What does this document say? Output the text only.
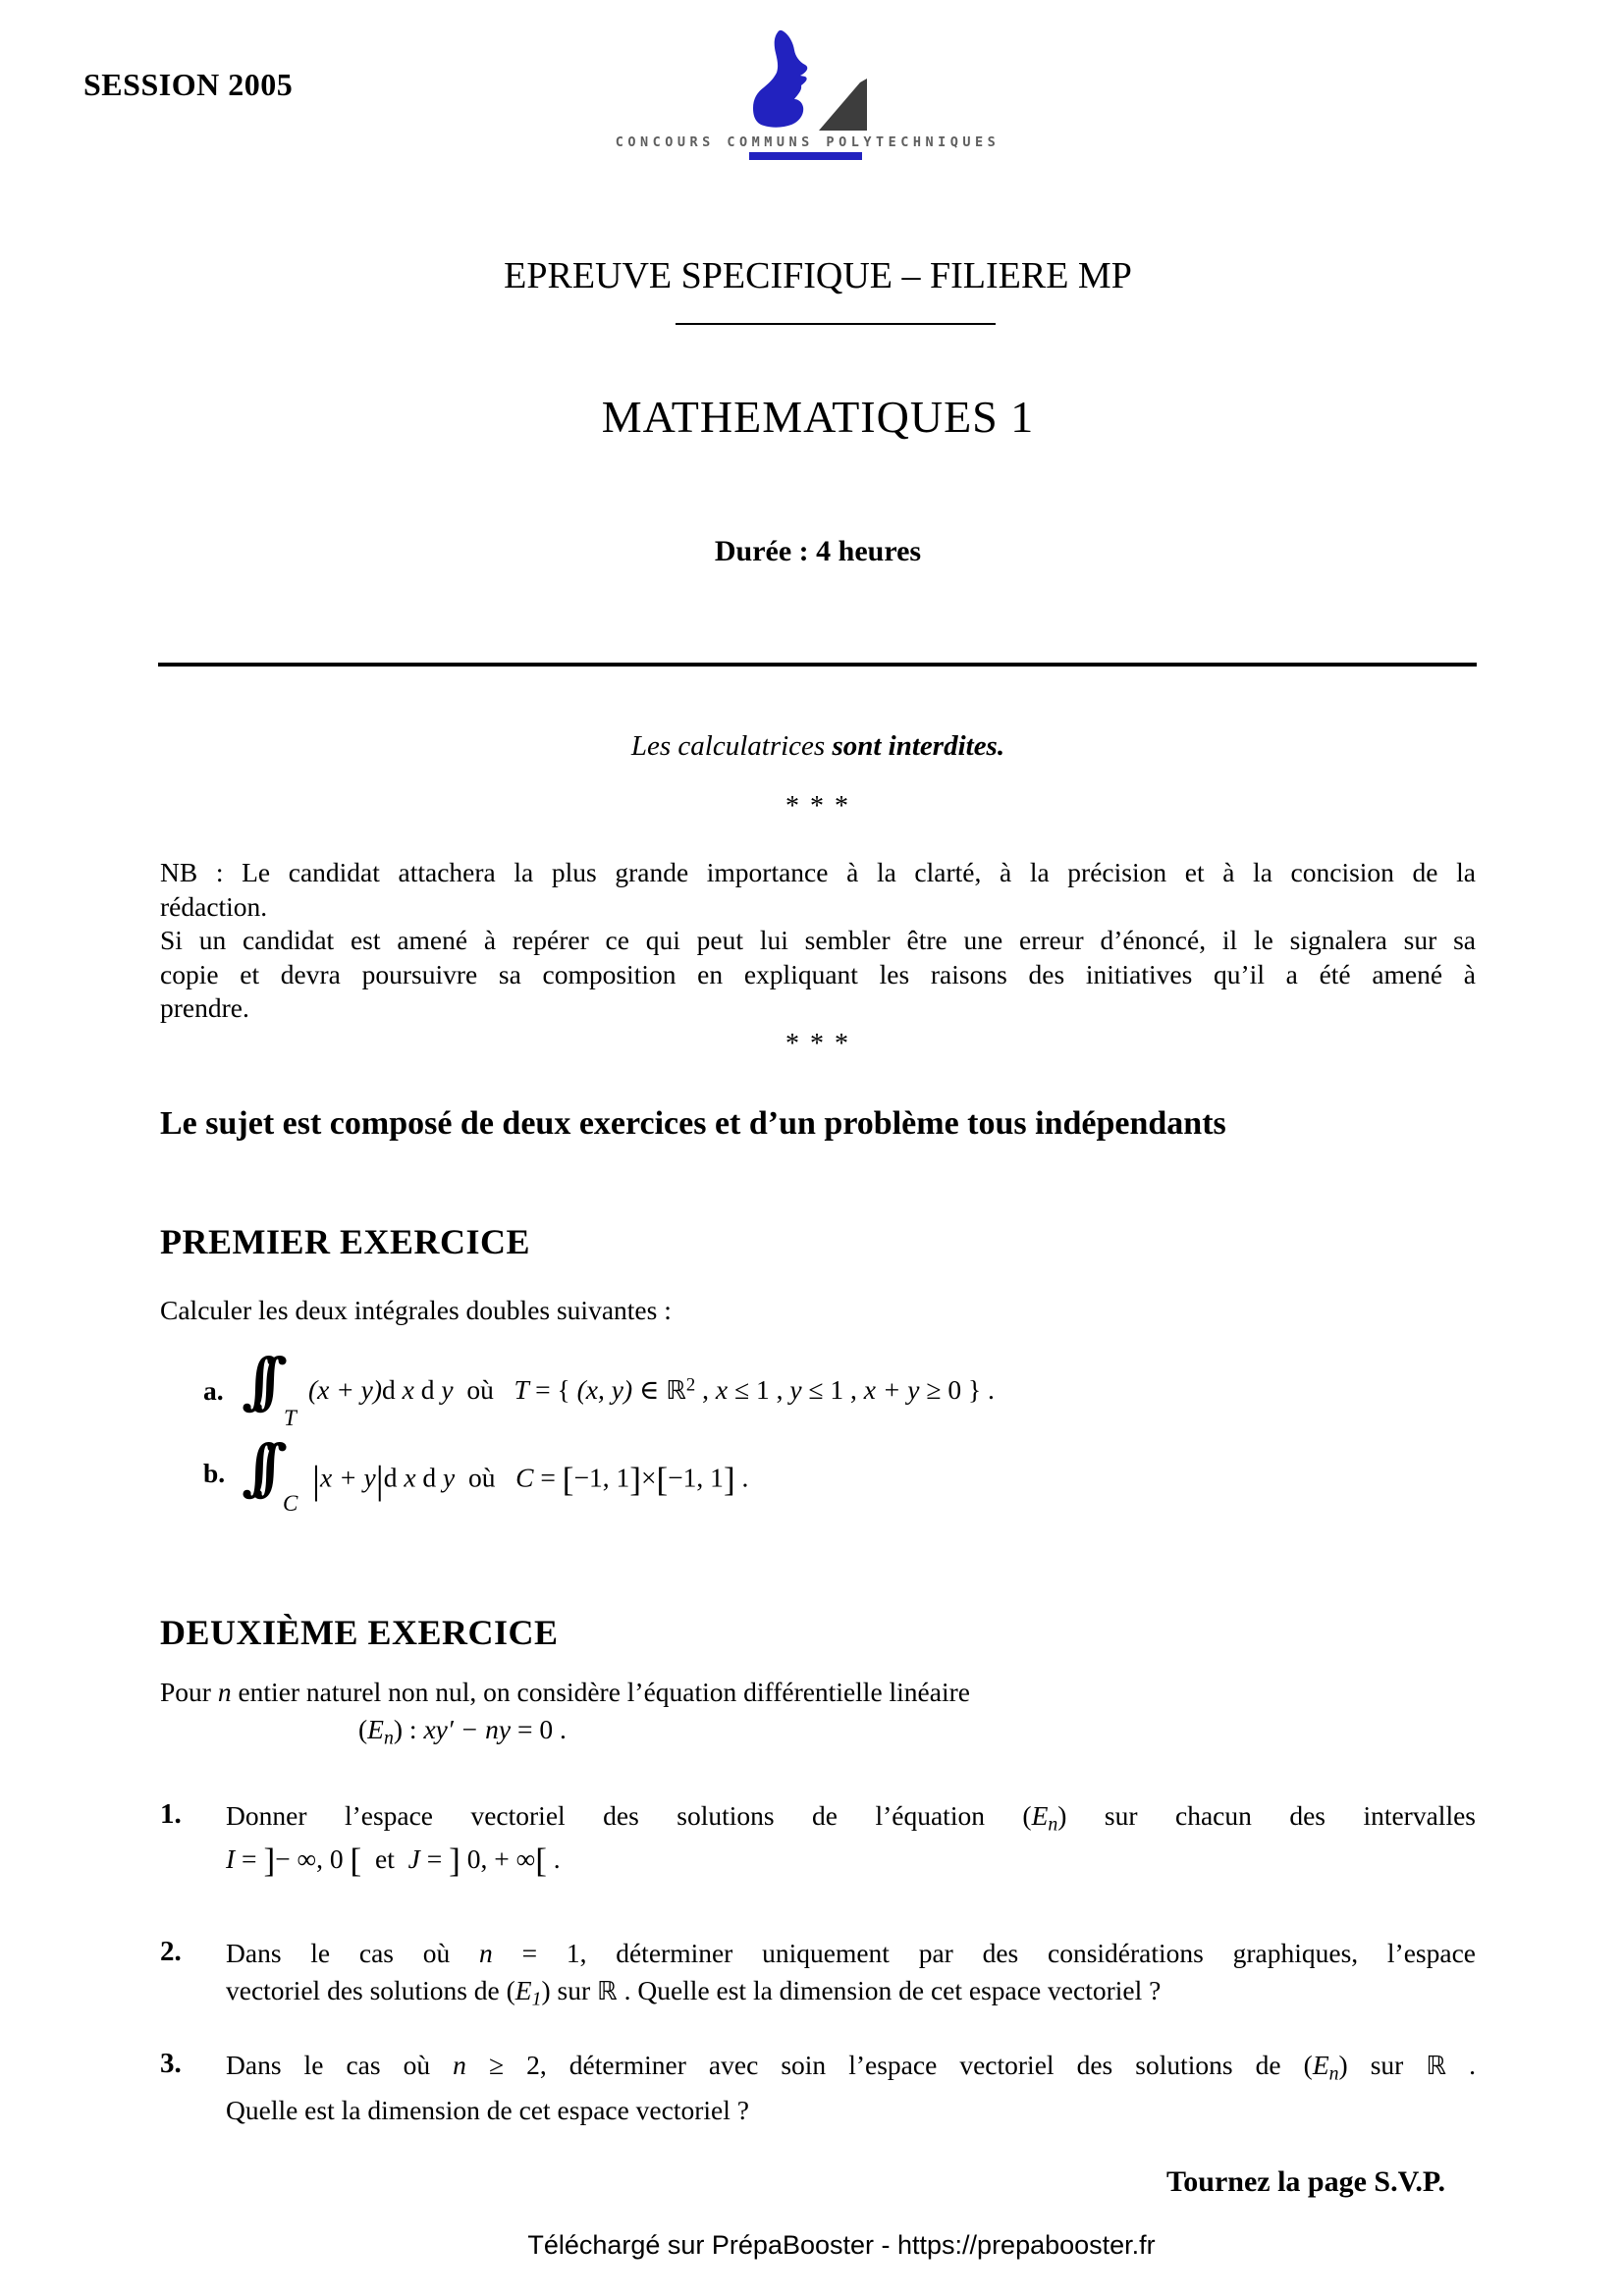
SESSION 2005
CONCOURS COMMUNS POLYTECHNIQUES
EPREUVE SPECIFIQUE – FILIERE MP
MATHEMATIQUES 1
Durée : 4 heures
Les calculatrices sont interdites.
* * *
NB : Le candidat attachera la plus grande importance à la clarté, à la précision et à la concision de la
rédaction.
Si un candidat est amené à repérer ce qui peut lui sembler être une erreur d’énoncé, il le signalera sur sa
copie et devra poursuivre sa composition en expliquant les raisons des initiatives qu’il a été amené à
prendre.
* * *
Le sujet est composé de deux exercices et d’un problème tous indépendants
PREMIER EXERCICE
Calculer les deux intégrales doubles suivantes :
a. ∫∫
T
(x + y)d x d y où  T = { (x, y) ∈ ℝ$^2$ , x ≤ 1 , y ≤ 1 , x + y ≥ 0 } .
b. ∫∫
C
|x + y|d x d y où  C = [−1, 1]×[−1, 1] .
DEUXIÈME EXERCICE
Pour n entier naturel non nul, on considère l’équation différentielle linéaire
$(E_n)$ : xy′ − ny = 0 .
1. Donner l’espace vectoriel des solutions de l’équation $(E_n)$ sur chacun des intervalles
I = ]− ∞, 0 [ et J = ] 0, + ∞[ .
2. Dans le cas où n = 1, déterminer uniquement par des considérations graphiques, l’espace
vectoriel des solutions de $(E_1)$ sur ℝ . Quelle est la dimension de cet espace vectoriel ?
3. Dans le cas où n ≥ 2, déterminer avec soin l’espace vectoriel des solutions de $(E_n)$ sur ℝ .
Quelle est la dimension de cet espace vectoriel ?
Tournez la page S.V.P.
Téléchargé sur PrépaBooster - https://prepabooster.fr
